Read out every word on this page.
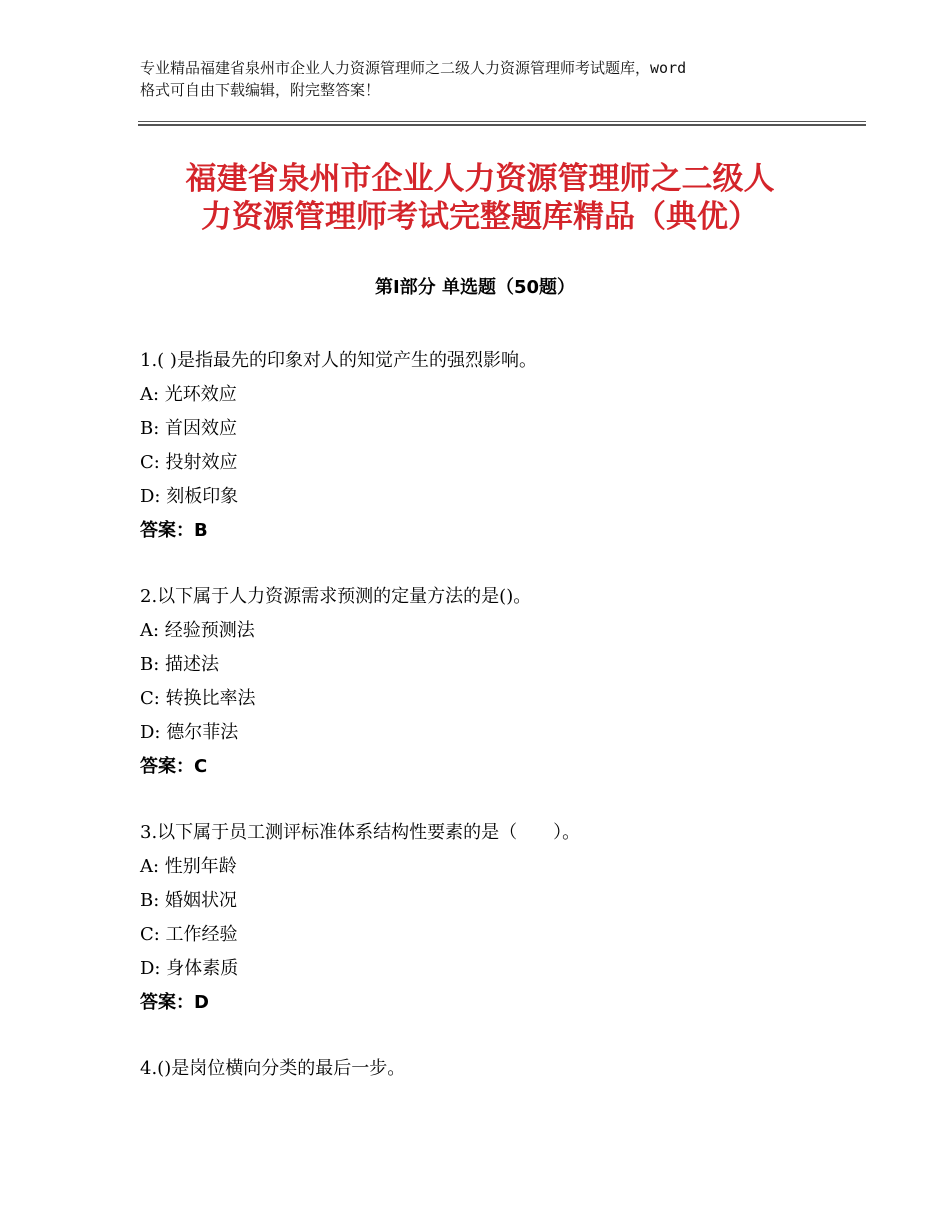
专业精品福建省泉州市企业人力资源管理师之二级人力资源管理师考试题库，word
格式可自由下载编辑，附完整答案！
福建省泉州市企业人力资源管理师之二级人
力资源管理师考试完整题库精品（典优）
第Ⅰ部分 单选题（50题）
1.( )是指最先的印象对人的知觉产生的强烈影响。
A: 光环效应
B: 首因效应
C: 投射效应
D: 刻板印象
答案：B
2.以下属于人力资源需求预测的定量方法的是()。
A: 经验预测法
B: 描述法
C: 转换比率法
D: 德尔菲法
答案：C
3.以下属于员工测评标准体系结构性要素的是（　　）。
A: 性别年龄
B: 婚姻状况
C: 工作经验
D: 身体素质
答案：D
4.()是岗位横向分类的最后一步。
